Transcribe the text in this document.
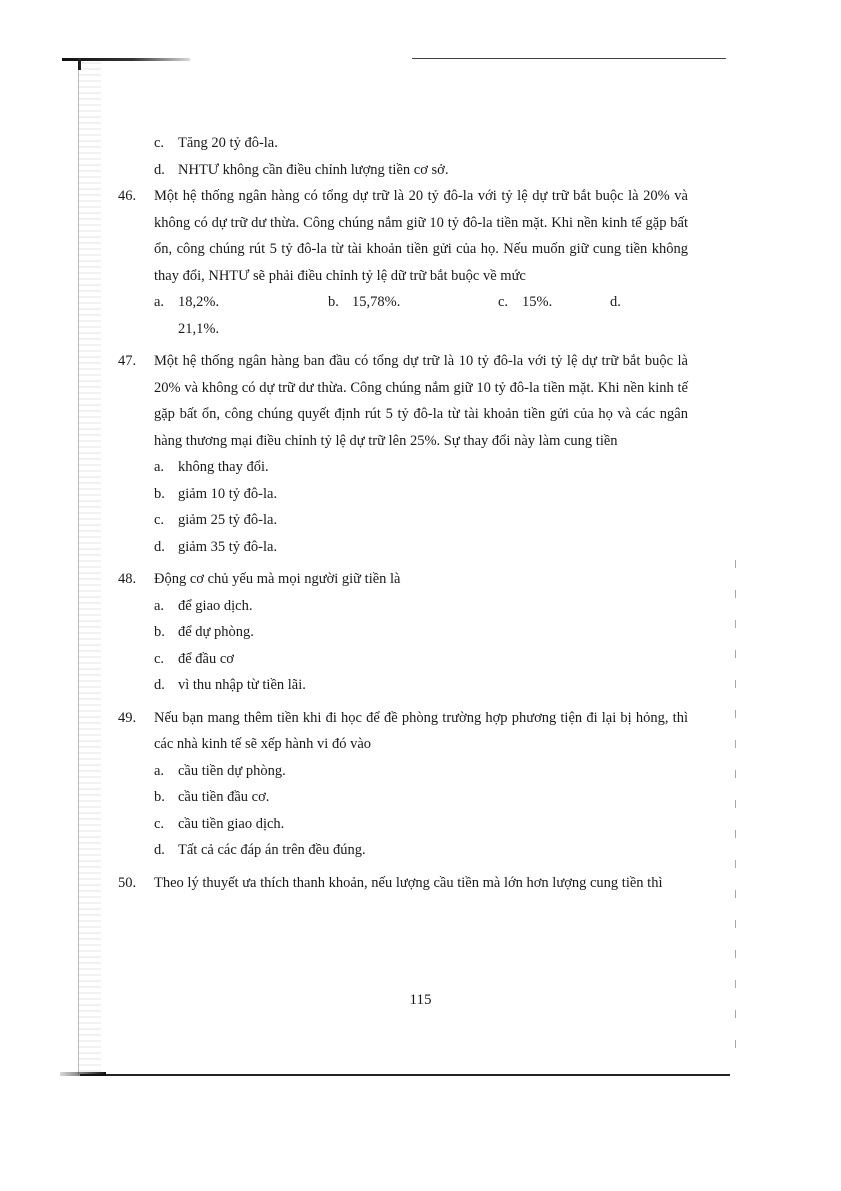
c. Tăng 20 tỷ đô-la.
d. NHTƯ không cần điều chỉnh lượng tiền cơ sở.
46.	Một hệ thống ngân hàng có tổng dự trữ là 20 tỷ đô-la với tỷ lệ dự trữ bắt buộc là 20% và không có dự trữ dư thừa. Công chúng nắm giữ 10 tỷ đô-la tiền mặt. Khi nền kinh tế gặp bất ổn, công chúng rút 5 tỷ đô-la từ tài khoản tiền gửi của họ. Nếu muốn giữ cung tiền không thay đổi, NHTƯ sẽ phải điều chỉnh tỷ lệ dữ trữ bắt buộc về mức
a. 18,2%.	b. 15,78%.	c. 15%.	d.
21,1%.
47.	Một hệ thống ngân hàng ban đầu có tổng dự trữ là 10 tỷ đô-la với tỷ lệ dự trữ bắt buộc là 20% và không có dự trữ dư thừa. Công chúng nắm giữ 10 tỷ đô-la tiền mặt. Khi nền kinh tế gặp bất ổn, công chúng quyết định rút 5 tỷ đô-la từ tài khoản tiền gửi của họ và các ngân hàng thương mại điều chỉnh tỷ lệ dự trữ lên 25%. Sự thay đổi này làm cung tiền
a. không thay đổi.
b. giảm 10 tỷ đô-la.
c. giảm 25 tỷ đô-la.
d. giảm 35 tỷ đô-la.
48.	Động cơ chủ yếu mà mọi người giữ tiền là
a. để giao dịch.
b. để dự phòng.
c. để đầu cơ
d. vì thu nhập từ tiền lãi.
49.	Nếu bạn mang thêm tiền khi đi học để đề phòng trường hợp phương tiện đi lại bị hỏng, thì các nhà kinh tế sẽ xếp hành vi đó vào
a. cầu tiền dự phòng.
b. cầu tiền đầu cơ.
c. cầu tiền giao dịch.
d. Tất cả các đáp án trên đều đúng.
50.	Theo lý thuyết ưa thích thanh khoản, nếu lượng cầu tiền mà lớn hơn lượng cung tiền thì
115
